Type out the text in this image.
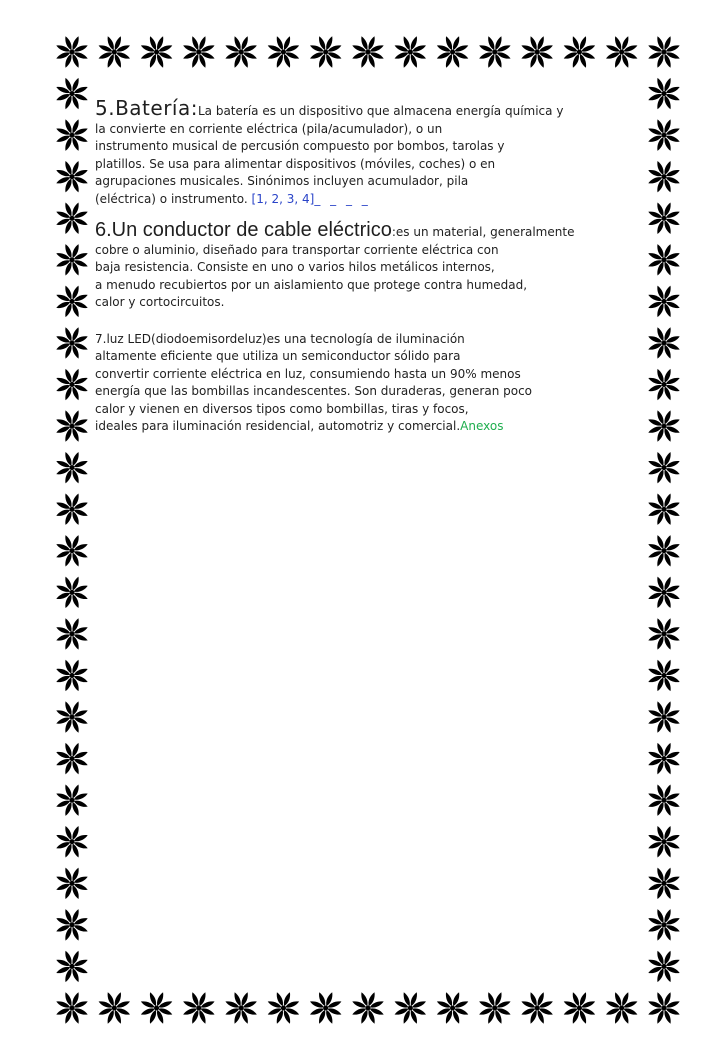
5.Batería:La batería es un dispositivo que almacena energía química y
la convierte en corriente eléctrica (pila/acumulador), o un
instrumento musical de percusión compuesto por bombos, tarolas y
platillos. Se usa para alimentar dispositivos (móviles, coches) o en
agrupaciones musicales. Sinónimos incluyen acumulador, pila
(eléctrica) o instrumento. [1, 2, 3, 4]_ _ _ _
6.Un conductor de cable eléctrico:es un material, generalmente
cobre o aluminio, diseñado para transportar corriente eléctrica con
baja resistencia. Consiste en uno o varios hilos metálicos internos,
a menudo recubiertos por un aislamiento que protege contra humedad,
calor y cortocircuitos.
7.luz LED(diodoemisordeluz)es una tecnología de iluminación
altamente eficiente que utiliza un semiconductor sólido para
convertir corriente eléctrica en luz, consumiendo hasta un 90% menos
energía que las bombillas incandescentes. Son duraderas, generan poco
calor y vienen en diversos tipos como bombillas, tiras y focos,
ideales para iluminación residencial, automotriz y comercial.Anexos
